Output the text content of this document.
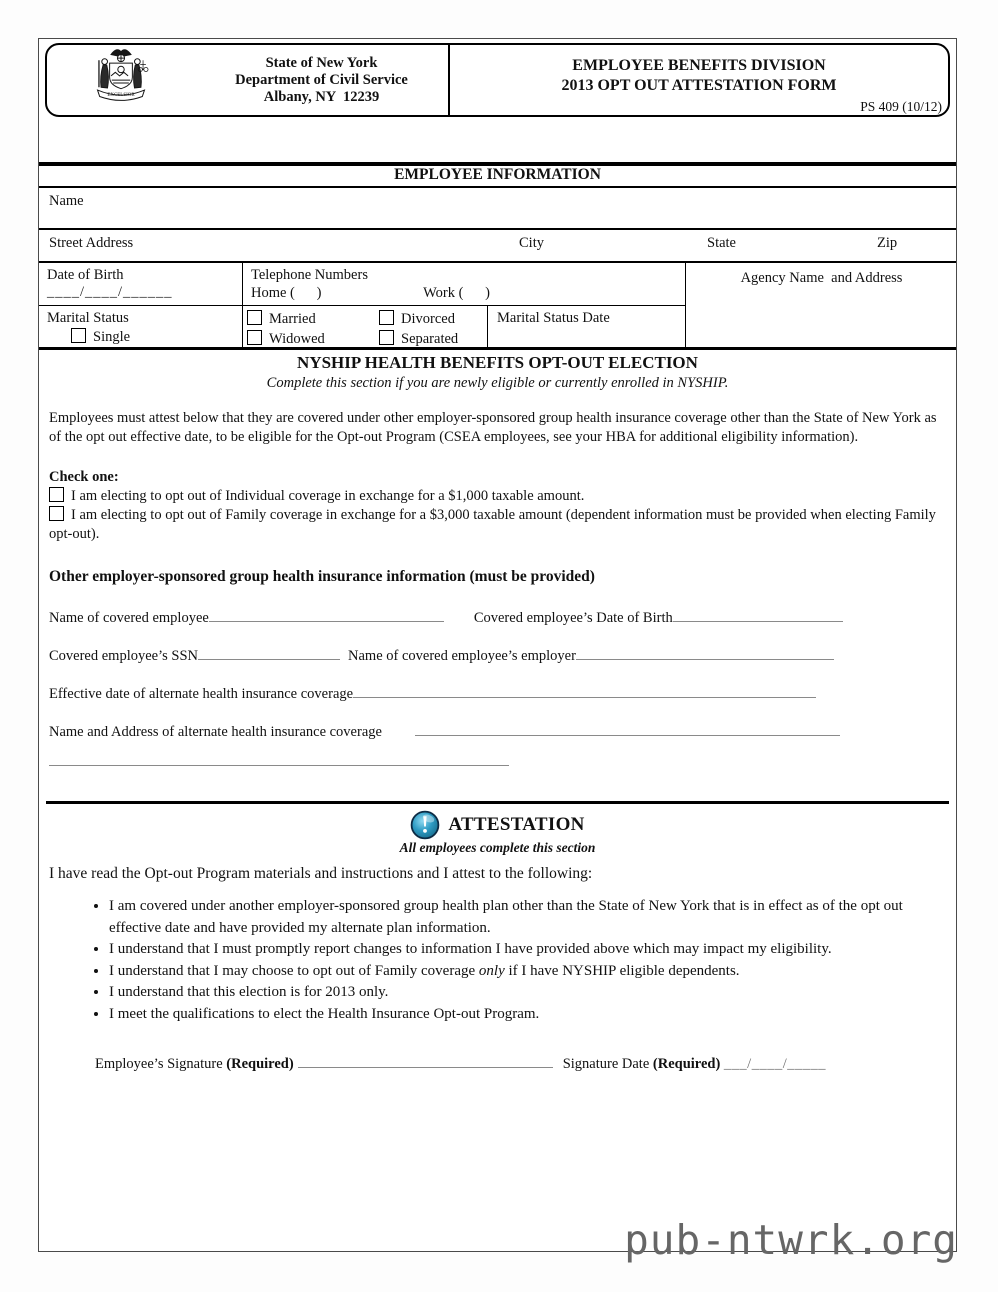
EXCELSIOR
State of New York
Department of Civil Service
Albany, NY  12239
EMPLOYEE BENEFITS DIVISION
2013 OPT OUT ATTESTATION FORM
PS 409 (10/12)
EMPLOYEE INFORMATION
Name
Street Address	City	State	Zip
Date of Birth
____/____/______
Telephone Numbers
Home (      )	Work (      )
Agency Name  and Address
Marital Status
Single
Married
Widowed
Divorced
Separated
Marital Status Date
NYSHIP HEALTH BENEFITS OPT-OUT ELECTION
Complete this section if you are newly eligible or currently enrolled in NYSHIP.
Employees must attest below that they are covered under other employer-sponsored group health insurance coverage other than the State of New York as of the opt out effective date, to be eligible for the Opt-out Program (CSEA employees, see your HBA for additional eligibility information).
Check one:
I am electing to opt out of Individual coverage in exchange for a $1,000 taxable amount.
I am electing to opt out of Family coverage in exchange for a $3,000 taxable amount (dependent information must be provided when electing Family opt-out).
Other employer-sponsored group health insurance information (must be provided)
Name of covered employee	Covered employee’s Date of Birth
Covered employee’s SSN	Name of covered employee’s employer
Effective date of alternate health insurance coverage
Name and Address of alternate health insurance coverage
ATTESTATION
All employees complete this section
I have read the Opt-out Program materials and instructions and I attest to the following:
• I am covered under another employer-sponsored group health plan other than the State of New York that is in effect as of the opt out effective date and have provided my alternate plan information.
• I understand that I must promptly report changes to information I have provided above which may impact my eligibility.
• I understand that I may choose to opt out of Family coverage only if I have NYSHIP eligible dependents.
• I understand that this election is for 2013 only.
• I meet the qualifications to elect the Health Insurance Opt-out Program.
Employee’s Signature (Required)	Signature Date (Required) ___/____/_____
pub-ntwrk.org
